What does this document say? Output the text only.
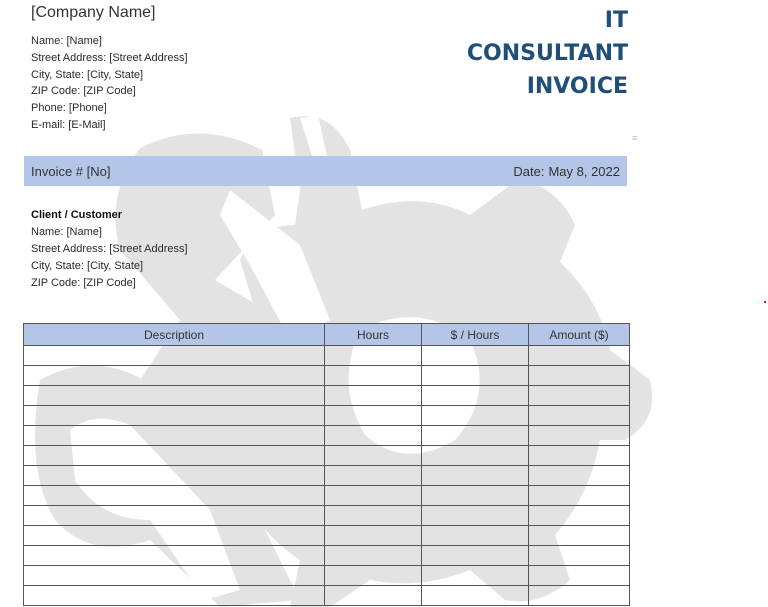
[Company Name]
Name: [Name]
Street Address: [Street Address]
City, State: [City, State]
ZIP Code: [ZIP Code]
Phone: [Phone]
E-mail: [E-Mail]
IT
CONSULTANT
INVOICE
≡
Invoice # [No]	Date: May 8, 2022
Client / Customer
Name: [Name]
Street Address: [Street Address]
City, State: [City, State]
ZIP Code: [ZIP Code]
Description	Hours	$ / Hours	Amount ($)
